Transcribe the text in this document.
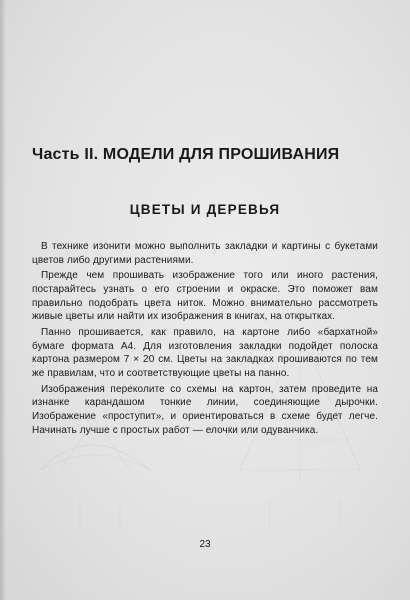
Часть II. МОДЕЛИ ДЛЯ ПРОШИВАНИЯ
ЦВЕТЫ И ДЕРЕВЬЯ

В технике изонити можно выполнить закладки и картины с букетами цветов либо другими растениями.

Прежде чем прошивать изображение того или иного растения, постарайтесь узнать о его строении и окраске. Это поможет вам правильно подобрать цвета ниток. Можно внимательно рассмотреть живые цветы или найти их изображения в книгах, на открытках.

Панно прошивается, как правило, на картоне либо «бархатной» бумаге формата А4. Для изготовления закладки подойдет полоска картона размером 7 × 20 см. Цветы на закладках прошиваются по тем же правилам, что и соответствующие цветы на панно.

Изображения переколите со схемы на картон, затем проведите на изнанке карандашом тонкие линии, соединяющие дырочки. Изображение «проступит», и ориентироваться в схеме будет легче. Начинать лучше с простых работ — елочки или одуванчика.

23
